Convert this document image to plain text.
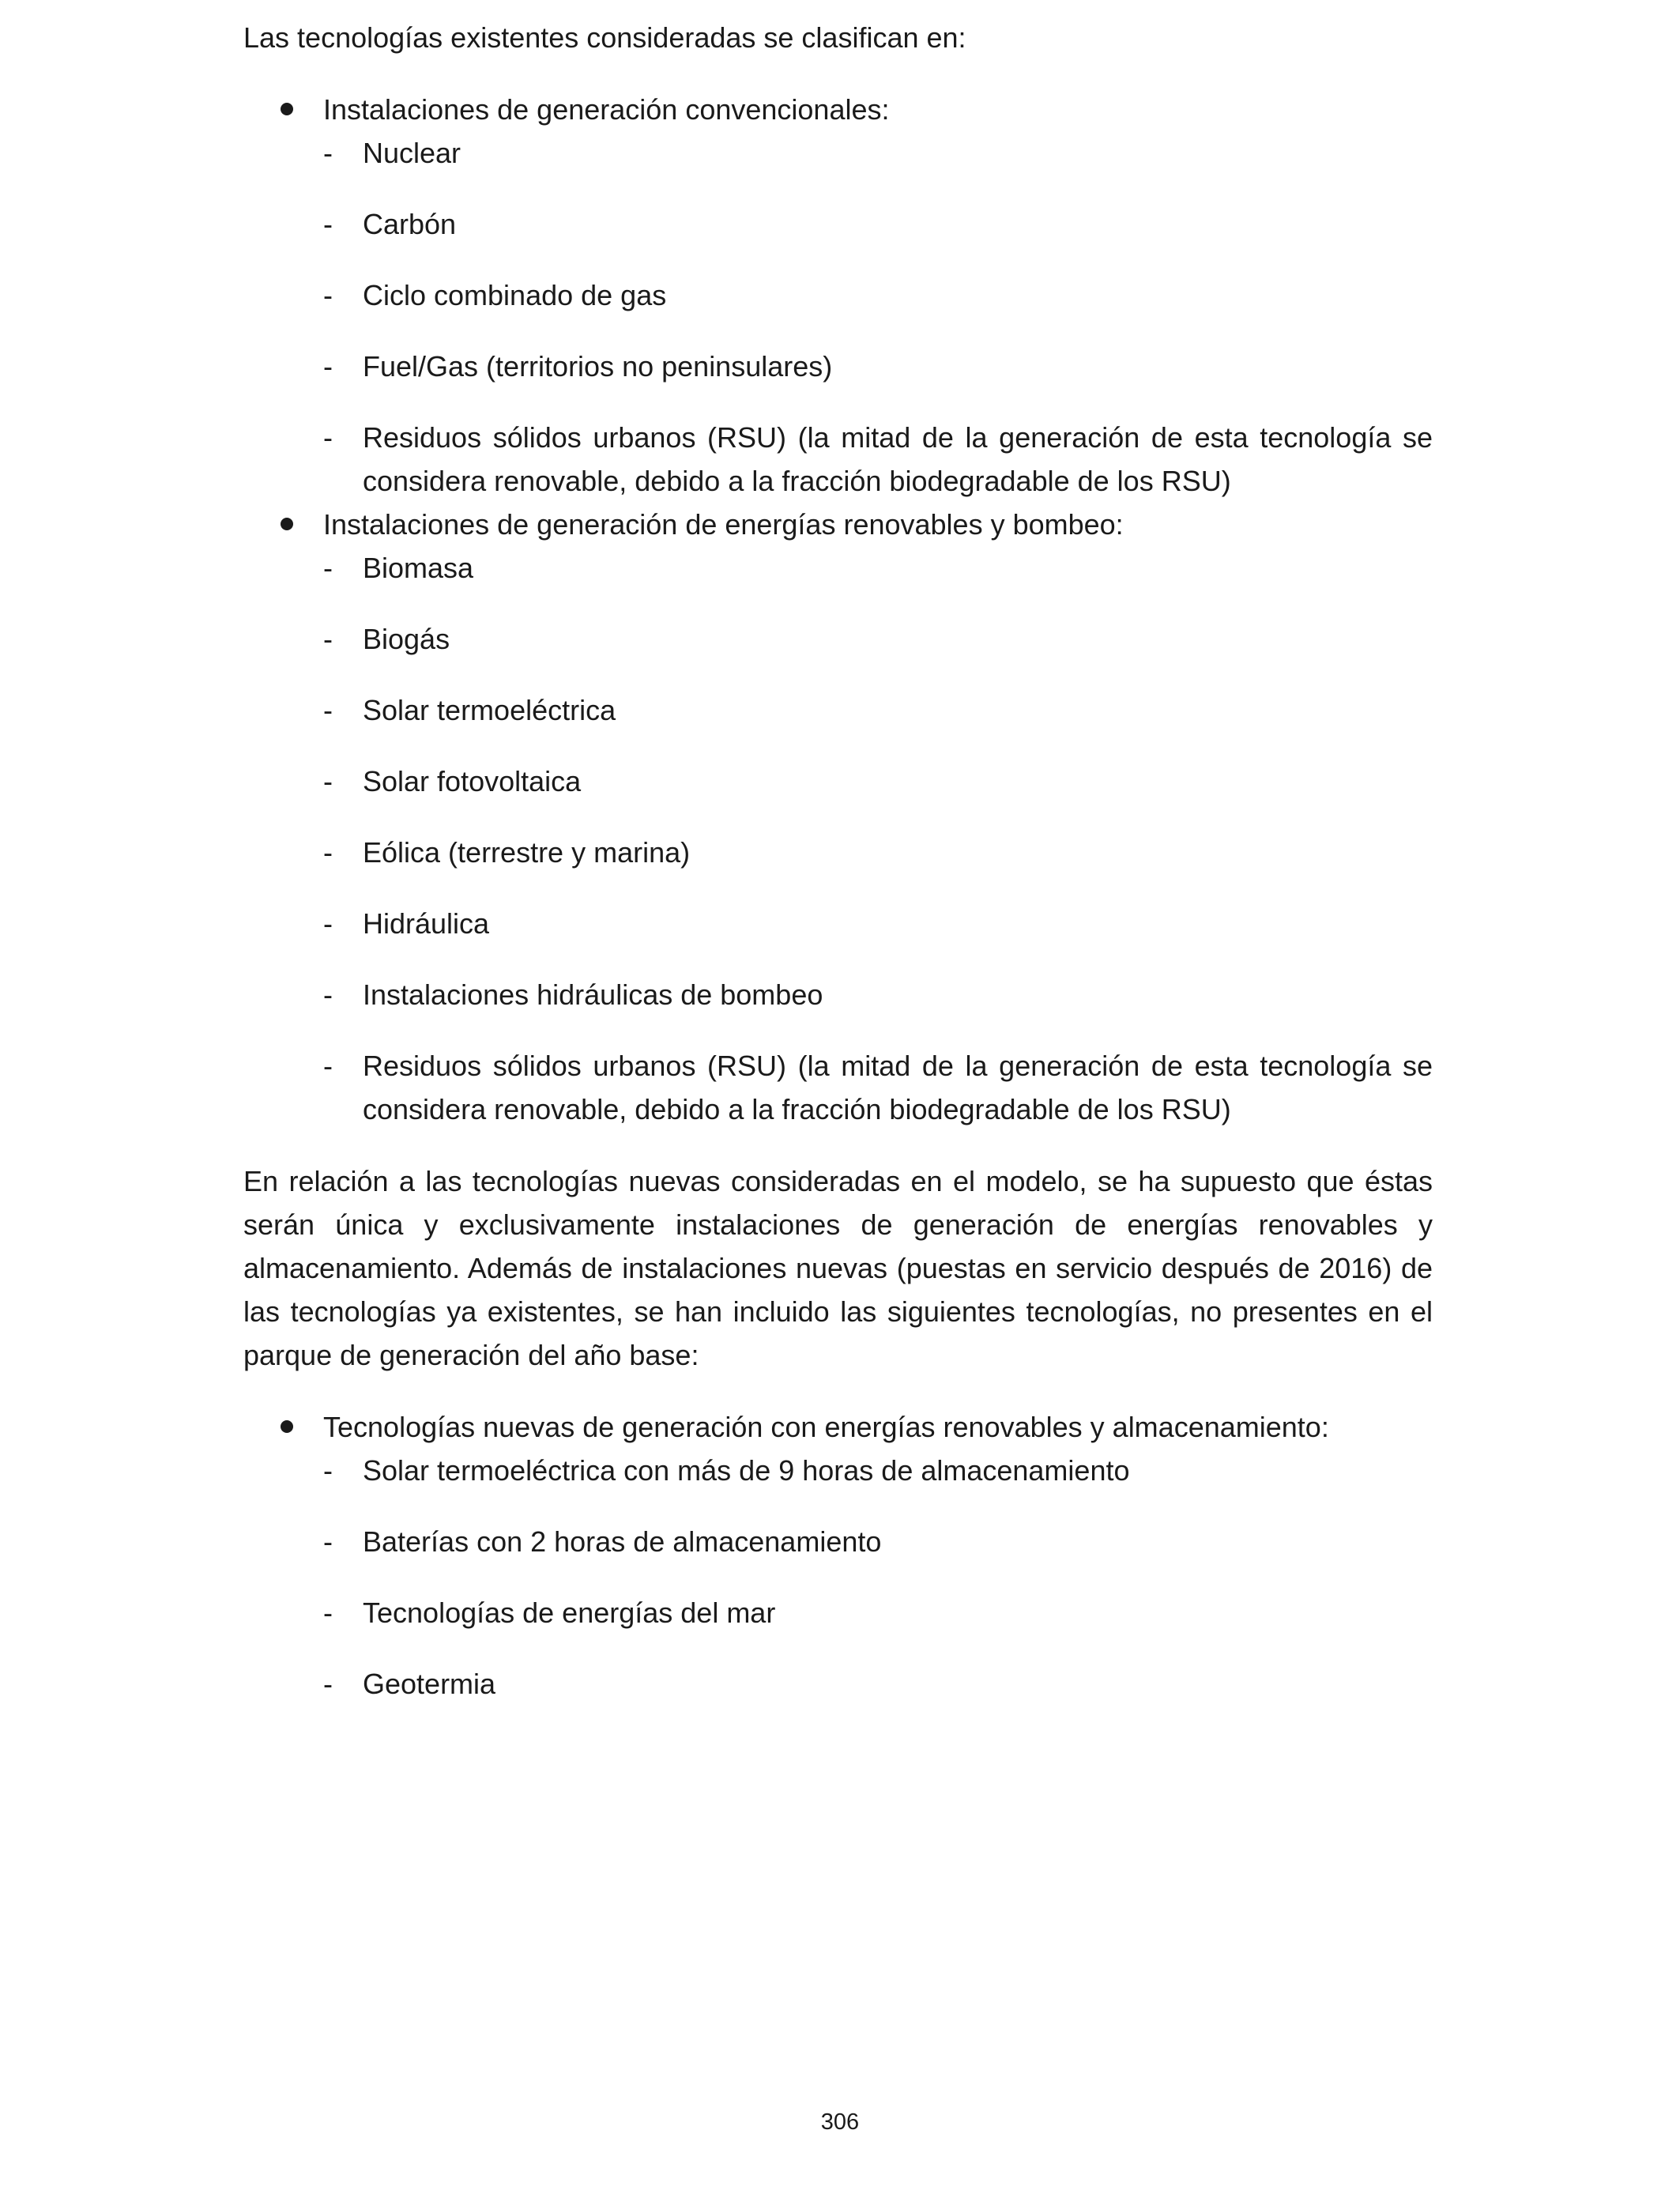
Las tecnologías existentes consideradas se clasifican en:

Instalaciones de generación convencionales:
- Nuclear
- Carbón
- Ciclo combinado de gas
- Fuel/Gas (territorios no peninsulares)
- Residuos sólidos urbanos (RSU) (la mitad de la generación de esta tecnología se considera renovable, debido a la fracción biodegradable de los RSU)
Instalaciones de generación de energías renovables y bombeo:
- Biomasa
- Biogás
- Solar termoeléctrica
- Solar fotovoltaica
- Eólica (terrestre y marina)
- Hidráulica
- Instalaciones hidráulicas de bombeo
- Residuos sólidos urbanos (RSU) (la mitad de la generación de esta tecnología se considera renovable, debido a la fracción biodegradable de los RSU)

En relación a las tecnologías nuevas consideradas en el modelo, se ha supuesto que éstas serán única y exclusivamente instalaciones de generación de energías renovables y almacenamiento. Además de instalaciones nuevas (puestas en servicio después de 2016) de las tecnologías ya existentes, se han incluido las siguientes tecnologías, no presentes en el parque de generación del año base:

Tecnologías nuevas de generación con energías renovables y almacenamiento:
- Solar termoeléctrica con más de 9 horas de almacenamiento
- Baterías con 2 horas de almacenamiento
- Tecnologías de energías del mar
- Geotermia
306
